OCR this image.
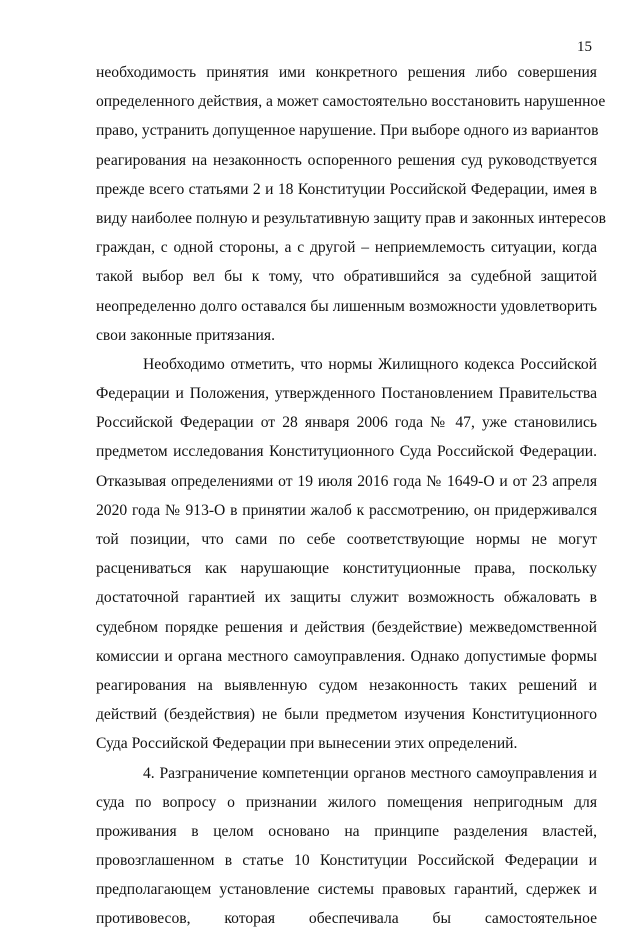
15
необходимость принятия ими конкретного решения либо совершения
определенного действия, а может самостоятельно восстановить нарушенное
право, устранить допущенное нарушение. При выборе одного из вариантов
реагирования на незаконность оспоренного решения суд руководствуется
прежде всего статьями 2 и 18 Конституции Российской Федерации, имея в
виду наиболее полную и результативную защиту прав и законных интересов
граждан, с одной стороны, а с другой – неприемлемость ситуации, когда
такой выбор вел бы к тому, что обратившийся за судебной защитой
неопределенно долго оставался бы лишенным возможности удовлетворить
свои законные притязания.
Необходимо отметить, что нормы Жилищного кодекса Российской
Федерации и Положения, утвержденного Постановлением Правительства
Российской Федерации от 28 января 2006 года № 47, уже становились
предметом исследования Конституционного Суда Российской Федерации.
Отказывая определениями от 19 июля 2016 года № 1649-О и от 23 апреля
2020 года № 913-О в принятии жалоб к рассмотрению, он придерживался
той позиции, что сами по себе соответствующие нормы не могут
расцениваться как нарушающие конституционные права, поскольку
достаточной гарантией их защиты служит возможность обжаловать в
судебном порядке решения и действия (бездействие) межведомственной
комиссии и органа местного самоуправления. Однако допустимые формы
реагирования на выявленную судом незаконность таких решений и
действий (бездействия) не были предметом изучения Конституционного
Суда Российской Федерации при вынесении этих определений.
4. Разграничение компетенции органов местного самоуправления и
суда по вопросу о признании жилого помещения непригодным для
проживания в целом основано на принципе разделения властей,
провозглашенном в статье 10 Конституции Российской Федерации и
предполагающем установление системы правовых гарантий, сдержек и
противовесов, которая обеспечивала бы самостоятельное
